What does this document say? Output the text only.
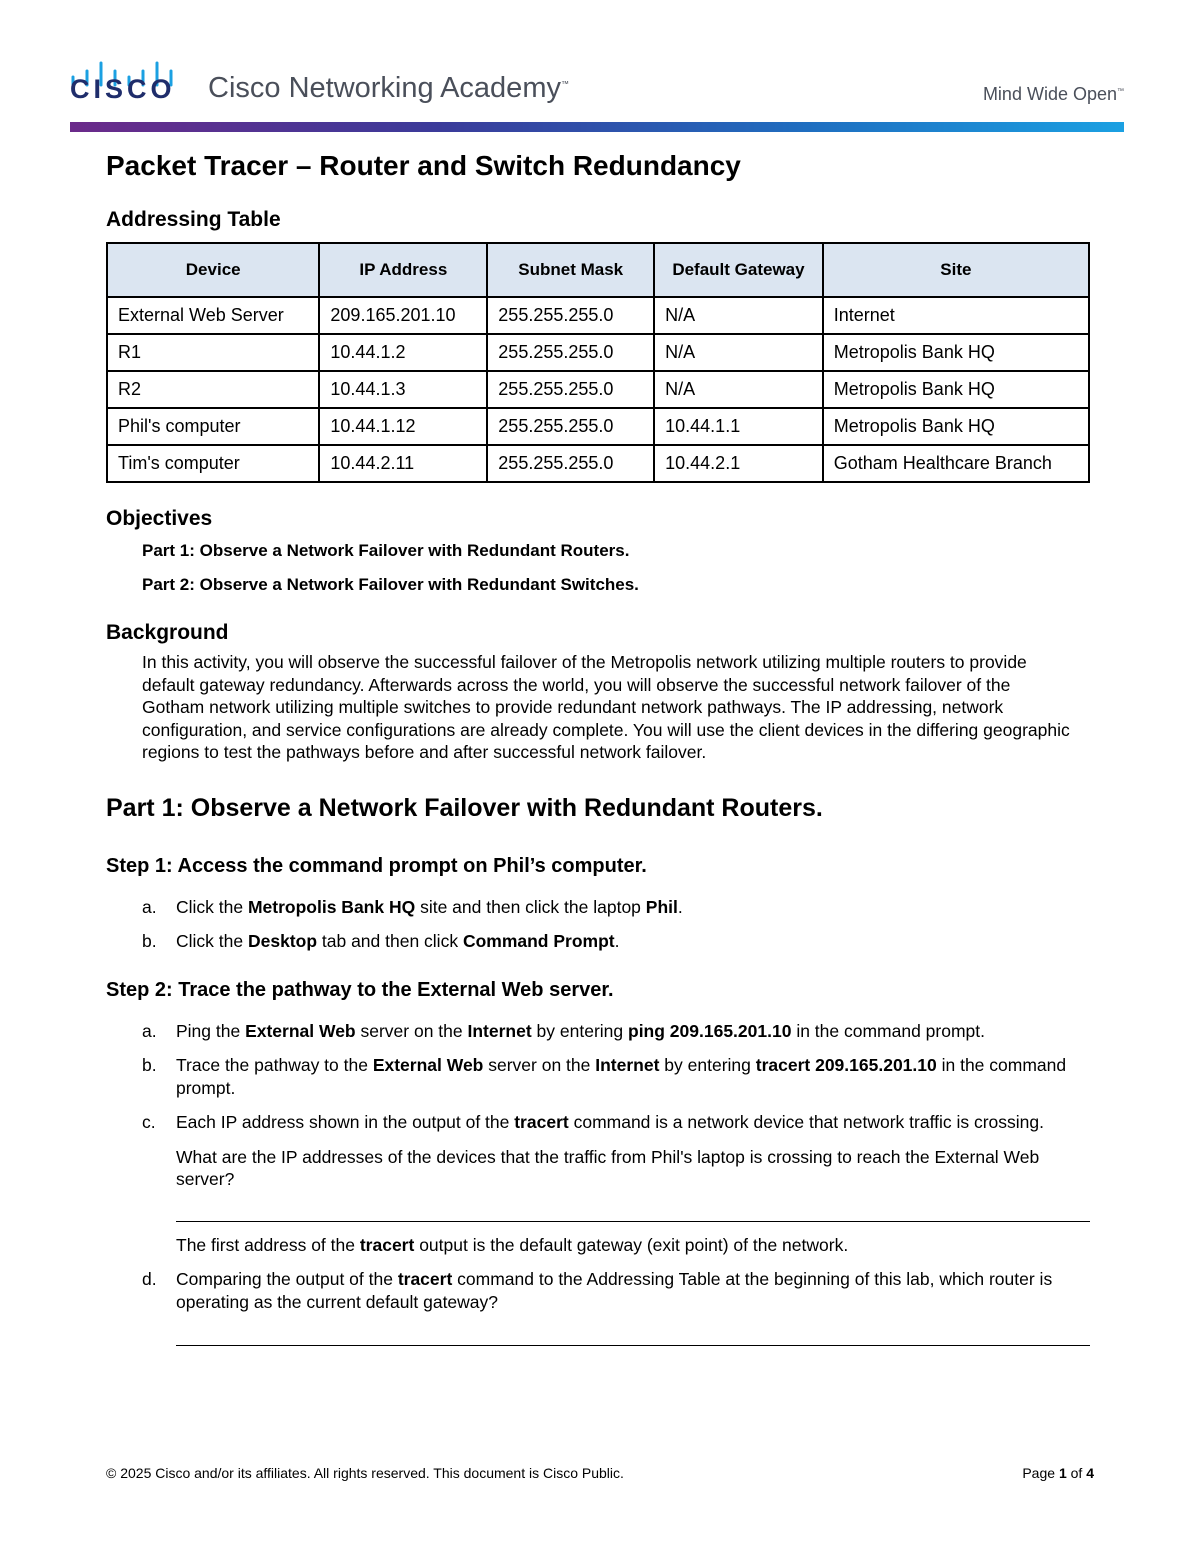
CISCO Cisco Networking Academy™
Mind Wide Open™
Packet Tracer – Router and Switch Redundancy
Addressing Table
Device	IP Address	Subnet Mask	Default Gateway	Site
External Web Server	209.165.201.10	255.255.255.0	N/A	Internet
R1	10.44.1.2	255.255.255.0	N/A	Metropolis Bank HQ
R2	10.44.1.3	255.255.255.0	N/A	Metropolis Bank HQ
Phil's computer	10.44.1.12	255.255.255.0	10.44.1.1	Metropolis Bank HQ
Tim's computer	10.44.2.11	255.255.255.0	10.44.2.1	Gotham Healthcare Branch
Objectives
Part 1: Observe a Network Failover with Redundant Routers.
Part 2: Observe a Network Failover with Redundant Switches.
Background
In this activity, you will observe the successful failover of the Metropolis network utilizing multiple routers to provide default gateway redundancy. Afterwards across the world, you will observe the successful network failover of the Gotham network utilizing multiple switches to provide redundant network pathways. The IP addressing, network configuration, and service configurations are already complete. You will use the client devices in the differing geographic regions to test the pathways before and after successful network failover.
Part 1: Observe a Network Failover with Redundant Routers.
Step 1: Access the command prompt on Phil’s computer.
a. Click the Metropolis Bank HQ site and then click the laptop Phil.
b. Click the Desktop tab and then click Command Prompt.
Step 2: Trace the pathway to the External Web server.
a. Ping the External Web server on the Internet by entering ping 209.165.201.10 in the command prompt.
b. Trace the pathway to the External Web server on the Internet by entering tracert 209.165.201.10 in the command prompt.
c. Each IP address shown in the output of the tracert command is a network device that network traffic is crossing.
What are the IP addresses of the devices that the traffic from Phil's laptop is crossing to reach the External Web server?
The first address of the tracert output is the default gateway (exit point) of the network.
d. Comparing the output of the tracert command to the Addressing Table at the beginning of this lab, which router is operating as the current default gateway?
© 2025 Cisco and/or its affiliates. All rights reserved. This document is Cisco Public.	Page 1 of 4
